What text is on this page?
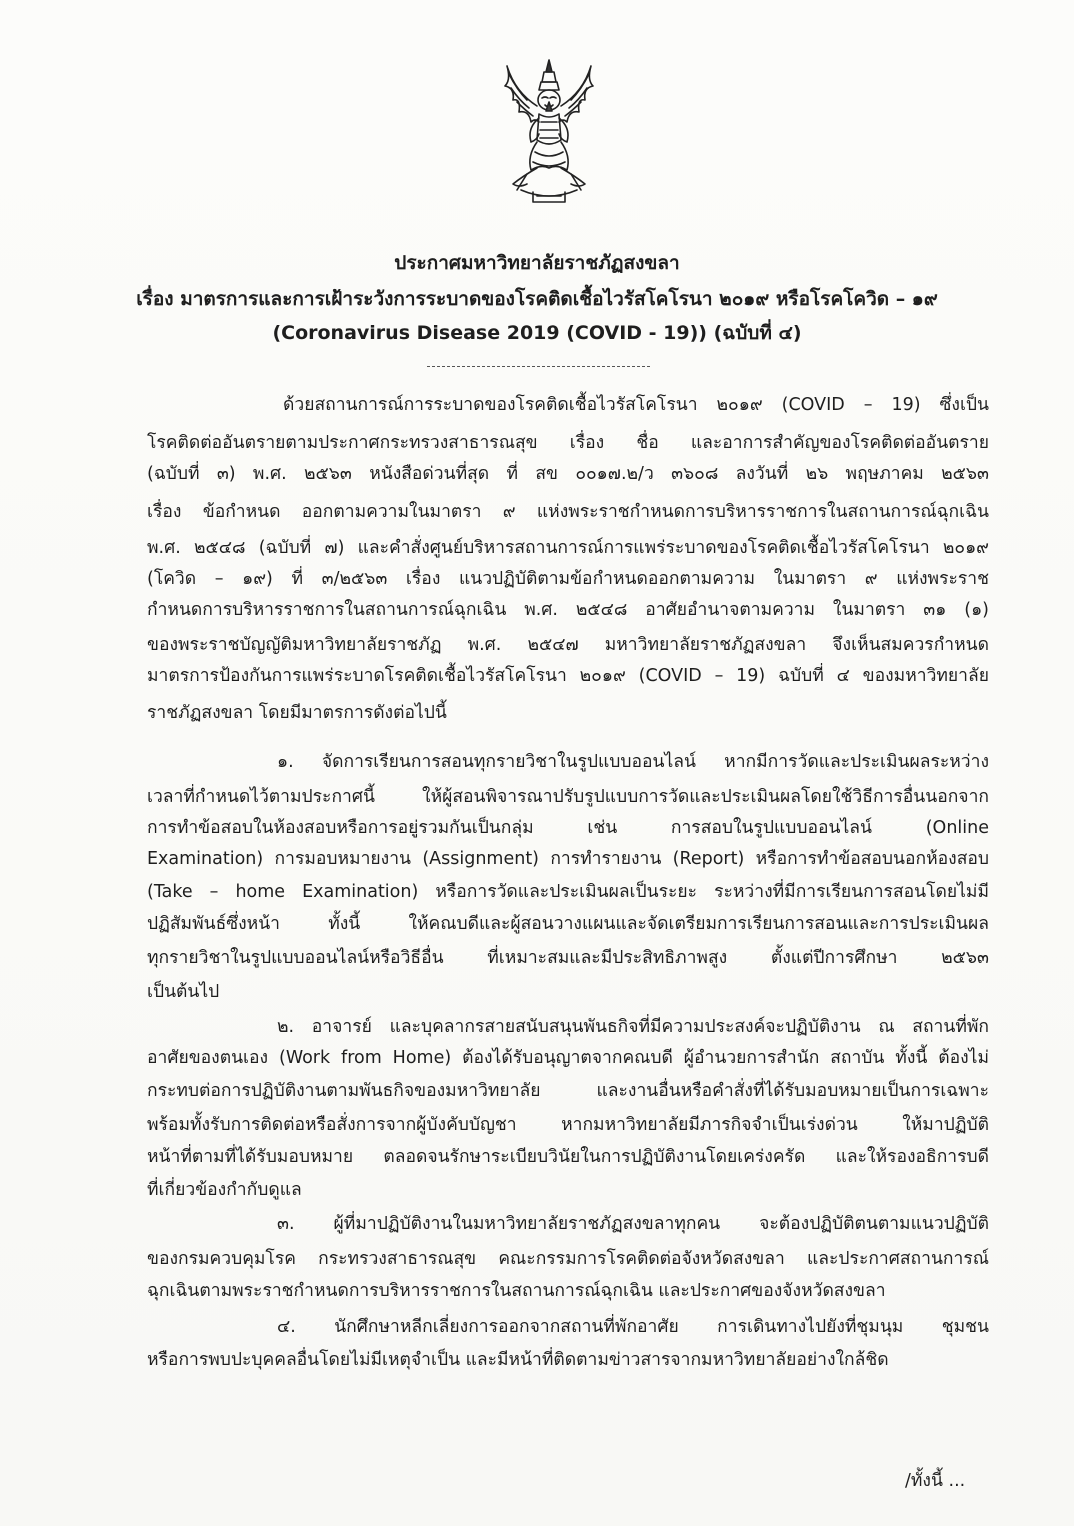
ประกาศมหาวิทยาลัยราชภัฏสงขลา
เรื่อง มาตรการและการเฝ้าระวังการระบาดของโรคติดเชื้อไวรัสโคโรนา ๒๐๑๙ หรือโรคโควิด – ๑๙
(Coronavirus Disease 2019 (COVID - 19)) (ฉบับที่ ๔)
ด้วยสถานการณ์การระบาดของโรคติดเชื้อไวรัสโคโรนา ๒๐๑๙ (COVID – 19) ซึ่งเป็น
โรคติดต่ออันตรายตามประกาศกระทรวงสาธารณสุข เรื่อง ชื่อ และอาการสำคัญของโรคติดต่ออันตราย
(ฉบับที่ ๓) พ.ศ. ๒๕๖๓ หนังสือด่วนที่สุด ที่ สข ๐๐๑๗.๒/ว ๓๖๐๘ ลงวันที่ ๒๖ พฤษภาคม ๒๕๖๓
เรื่อง ข้อกำหนด ออกตามความในมาตรา ๙ แห่งพระราชกำหนดการบริหารราชการในสถานการณ์ฉุกเฉิน
พ.ศ. ๒๕๔๘ (ฉบับที่ ๗) และคำสั่งศูนย์บริหารสถานการณ์การแพร่ระบาดของโรคติดเชื้อไวรัสโคโรนา ๒๐๑๙
(โควิด – ๑๙) ที่ ๓/๒๕๖๓ เรื่อง แนวปฏิบัติตามข้อกำหนดออกตามความ ในมาตรา ๙ แห่งพระราช
กำหนดการบริหารราชการในสถานการณ์ฉุกเฉิน พ.ศ. ๒๕๔๘ อาศัยอำนาจตามความ ในมาตรา ๓๑ (๑)
ของพระราชบัญญัติมหาวิทยาลัยราชภัฏ พ.ศ. ๒๕๔๗ มหาวิทยาลัยราชภัฏสงขลา จึงเห็นสมควรกำหนด
มาตรการป้องกันการแพร่ระบาดโรคติดเชื้อไวรัสโคโรนา ๒๐๑๙ (COVID – 19) ฉบับที่ ๔ ของมหาวิทยาลัย
ราชภัฏสงขลา โดยมีมาตรการดังต่อไปนี้
๑. จัดการเรียนการสอนทุกรายวิชาในรูปแบบออนไลน์ หากมีการวัดและประเมินผลระหว่าง
เวลาที่กำหนดไว้ตามประกาศนี้ ให้ผู้สอนพิจารณาปรับรูปแบบการวัดและประเมินผลโดยใช้วิธีการอื่นนอกจาก
การทำข้อสอบในห้องสอบหรือการอยู่รวมกันเป็นกลุ่ม เช่น การสอบในรูปแบบออนไลน์ (Online
Examination) การมอบหมายงาน (Assignment) การทำรายงาน (Report) หรือการทำข้อสอบนอกห้องสอบ
(Take – home Examination) หรือการวัดและประเมินผลเป็นระยะ ระหว่างที่มีการเรียนการสอนโดยไม่มี
ปฏิสัมพันธ์ซึ่งหน้า ทั้งนี้ ให้คณบดีและผู้สอนวางแผนและจัดเตรียมการเรียนการสอนและการประเมินผล
ทุกรายวิชาในรูปแบบออนไลน์หรือวิธีอื่น ที่เหมาะสมและมีประสิทธิภาพสูง ตั้งแต่ปีการศึกษา ๒๕๖๓
เป็นต้นไป
๒. อาจารย์ และบุคลากรสายสนับสนุนพันธกิจที่มีความประสงค์จะปฏิบัติงาน ณ สถานที่พัก
อาศัยของตนเอง (Work from Home) ต้องได้รับอนุญาตจากคณบดี ผู้อำนวยการสำนัก สถาบัน ทั้งนี้ ต้องไม่
กระทบต่อการปฏิบัติงานตามพันธกิจของมหาวิทยาลัย และงานอื่นหรือคำสั่งที่ได้รับมอบหมายเป็นการเฉพาะ
พร้อมทั้งรับการติดต่อหรือสั่งการจากผู้บังคับบัญชา หากมหาวิทยาลัยมีภารกิจจำเป็นเร่งด่วน ให้มาปฏิบัติ
หน้าที่ตามที่ได้รับมอบหมาย ตลอดจนรักษาระเบียบวินัยในการปฏิบัติงานโดยเคร่งครัด และให้รองอธิการบดี
ที่เกี่ยวข้องกำกับดูแล
๓. ผู้ที่มาปฏิบัติงานในมหาวิทยาลัยราชภัฏสงขลาทุกคน จะต้องปฏิบัติตนตามแนวปฏิบัติ
ของกรมควบคุมโรค กระทรวงสาธารณสุข คณะกรรมการโรคติดต่อจังหวัดสงขลา และประกาศสถานการณ์
ฉุกเฉินตามพระราชกำหนดการบริหารราชการในสถานการณ์ฉุกเฉิน และประกาศของจังหวัดสงขลา
๔. นักศึกษาหลีกเลี่ยงการออกจากสถานที่พักอาศัย การเดินทางไปยังที่ชุมนุม ชุมชน
หรือการพบปะบุคคลอื่นโดยไม่มีเหตุจำเป็น และมีหน้าที่ติดตามข่าวสารจากมหาวิทยาลัยอย่างใกล้ชิด
/ทั้งนี้ ...
